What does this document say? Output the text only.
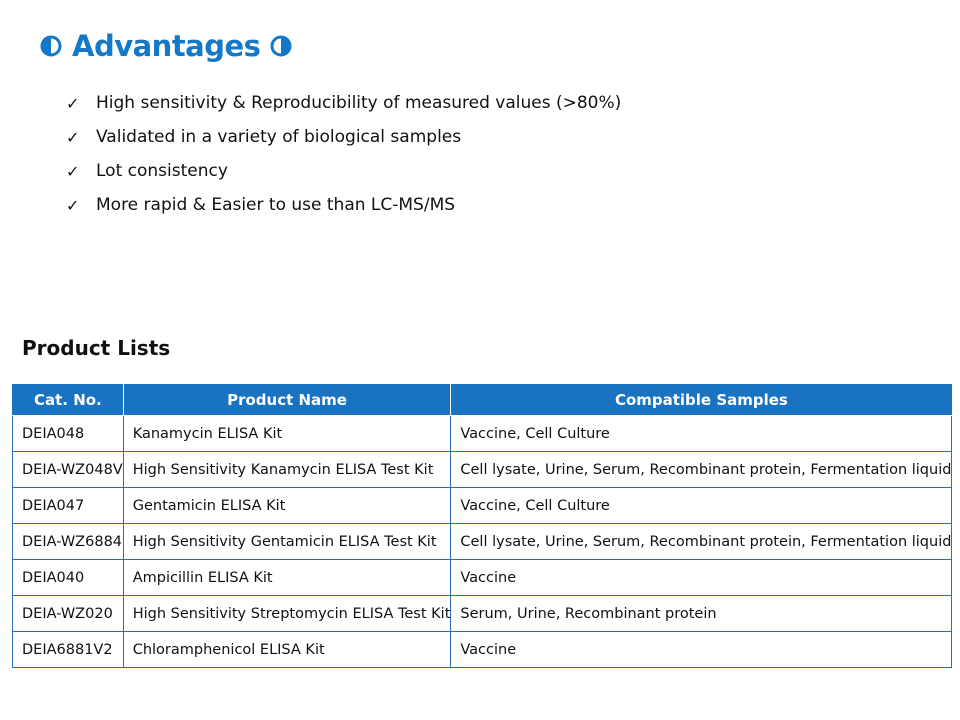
Advantages
✓ High sensitivity & Reproducibility of measured values (>80%)
✓ Validated in a variety of biological samples
✓ Lot consistency
✓ More rapid & Easier to use than LC-MS/MS
Product Lists
Cat. No.	Product Name	Compatible Samples
DEIA048	Kanamycin ELISA Kit	Vaccine, Cell Culture
DEIA-WZ048V	High Sensitivity Kanamycin ELISA Test Kit	Cell lysate, Urine, Serum, Recombinant protein, Fermentation liquid
DEIA047	Gentamicin ELISA Kit	Vaccine, Cell Culture
DEIA-WZ6884	High Sensitivity Gentamicin ELISA Test Kit	Cell lysate, Urine, Serum, Recombinant protein, Fermentation liquid
DEIA040	Ampicillin ELISA Kit	Vaccine
DEIA-WZ020	High Sensitivity Streptomycin ELISA Test Kit	Serum, Urine, Recombinant protein
DEIA6881V2	Chloramphenicol ELISA Kit	Vaccine
